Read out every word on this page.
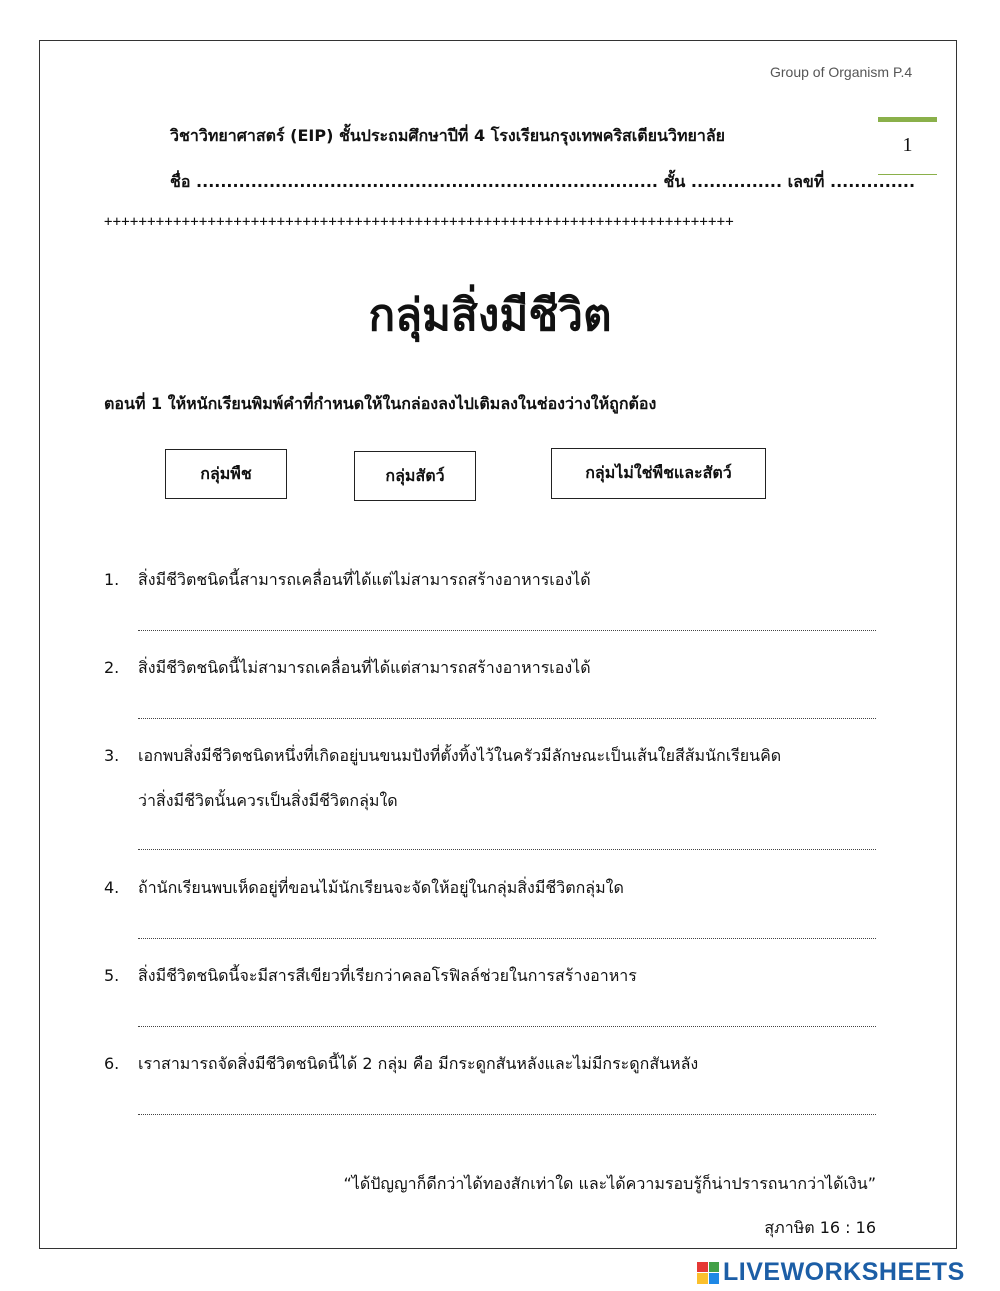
Group of Organism P.4
1
วิชาวิทยาศาสตร์ (EIP) ชั้นประถมศึกษาปีที่ 4 โรงเรียนกรุงเทพคริสเตียนวิทยาลัย
ชื่อ ............................................................................ ชั้น ............... เลขที่ ..............
+++++++++++++++++++++++++++++++++++++++++++++++++++++++++++++++++++++++++
กลุ่มสิ่งมีชีวิต
ตอนที่ 1 ให้หนักเรียนพิมพ์คำที่กำหนดให้ในกล่องลงไปเติมลงในช่องว่างให้ถูกต้อง
กลุ่มพืช	กลุ่มสัตว์	กลุ่มไม่ใช่พืชและสัตว์
1. สิ่งมีชีวิตชนิดนี้สามารถเคลื่อนที่ได้แต่ไม่สามารถสร้างอาหารเองได้
2. สิ่งมีชีวิตชนิดนี้ไม่สามารถเคลื่อนที่ได้แต่สามารถสร้างอาหารเองได้
3. เอกพบสิ่งมีชีวิตชนิดหนึ่งที่เกิดอยู่บนขนมปังที่ตั้งทิ้งไว้ในครัวมีลักษณะเป็นเส้นใยสีส้มนักเรียนคิด
ว่าสิ่งมีชีวิตนั้นควรเป็นสิ่งมีชีวิตกลุ่มใด
4. ถ้านักเรียนพบเห็ดอยู่ที่ขอนไม้นักเรียนจะจัดให้อยู่ในกลุ่มสิ่งมีชีวิตกลุ่มใด
5. สิ่งมีชีวิตชนิดนี้จะมีสารสีเขียวที่เรียกว่าคลอโรฟิลล์ช่วยในการสร้างอาหาร
6. เราสามารถจัดสิ่งมีชีวิตชนิดนี้ได้ 2 กลุ่ม คือ มีกระดูกสันหลังและไม่มีกระดูกสันหลัง
“ได้ปัญญาก็ดีกว่าได้ทองสักเท่าใด และได้ความรอบรู้ก็น่าปรารถนากว่าได้เงิน”
สุภาษิต 16 : 16
LIVEWORKSHEETS
